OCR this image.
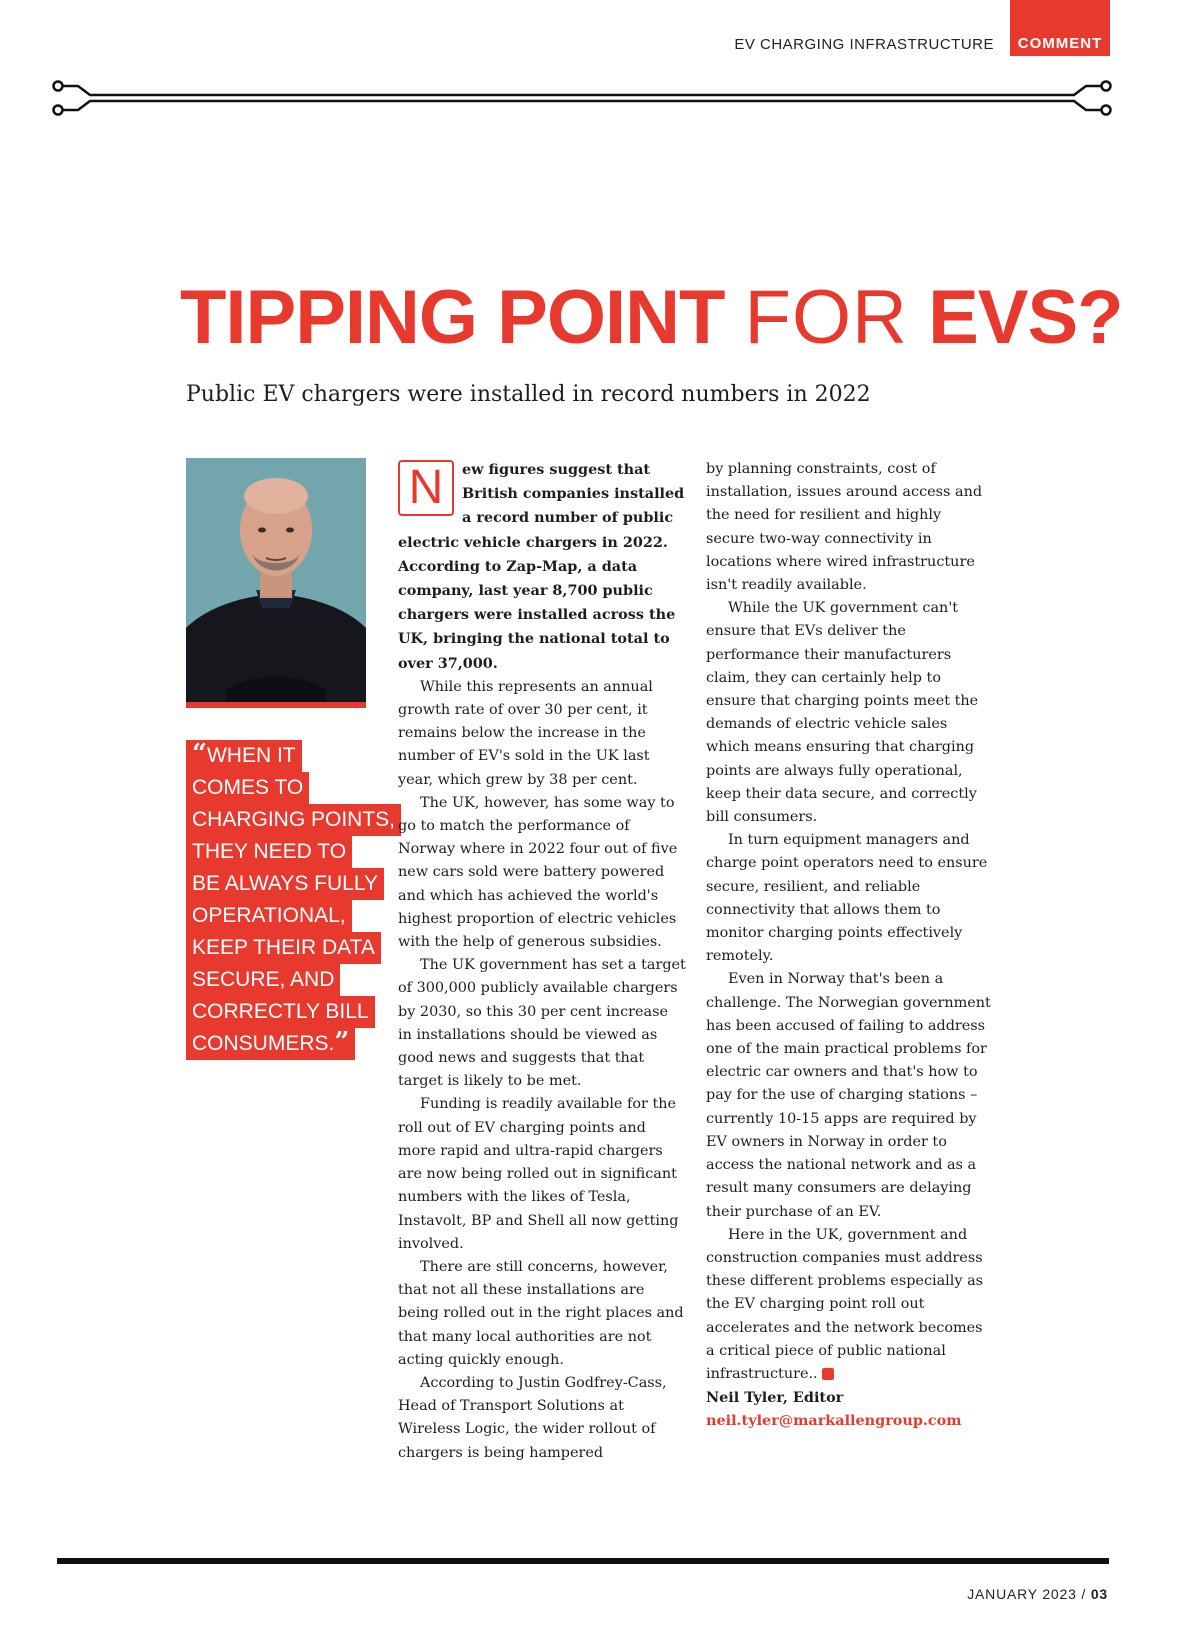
EV CHARGING INFRASTRUCTURE COMMENT
TIPPING POINT FOR EVS?
Public EV chargers were installed in record numbers in 2022
“WHEN IT
COMES TO
CHARGING POINTS,
THEY NEED TO
BE ALWAYS FULLY
OPERATIONAL,
KEEP THEIR DATA
SECURE, AND
CORRECTLY BILL
CONSUMERS.”

N	ew figures suggest that British companies installed a record number of public electric vehicle chargers in 2022. According to Zap-Map, a data company, last year 8,700 public chargers were installed across the UK, bringing the national total to over 37,000.

While this represents an annual growth rate of over 30 per cent, it remains below the increase in the number of EV's sold in the UK last year, which grew by 38 per cent.

The UK, however, has some way to go to match the performance of Norway where in 2022 four out of five new cars sold were battery powered and which has achieved the world's highest proportion of electric vehicles with the help of generous subsidies.

The UK government has set a target of 300,000 publicly available chargers by 2030, so this 30 per cent increase in installations should be viewed as good news and suggests that that target is likely to be met.

Funding is readily available for the roll out of EV charging points and more rapid and ultra-rapid chargers are now being rolled out in significant numbers with the likes of Tesla, Instavolt, BP and Shell all now getting involved.

There are still concerns, however, that not all these installations are being rolled out in the right places and that many local authorities are not acting quickly enough.

According to Justin Godfrey-Cass, Head of Transport Solutions at Wireless Logic, the wider rollout of chargers is being hampered

by planning constraints, cost of installation, issues around access and the need for resilient and highly secure two-way connectivity in locations where wired infrastructure isn't readily available.

While the UK government can't ensure that EVs deliver the performance their manufacturers claim, they can certainly help to ensure that charging points meet the demands of electric vehicle sales which means ensuring that charging points are always fully operational, keep their data secure, and correctly bill consumers.

In turn equipment managers and charge point operators need to ensure secure, resilient, and reliable connectivity that allows them to monitor charging points effectively remotely.

Even in Norway that's been a challenge. The Norwegian government has been accused of failing to address one of the main practical problems for electric car owners and that's how to pay for the use of charging stations – currently 10-15 apps are required by EV owners in Norway in order to access the national network and as a result many consumers are delaying their purchase of an EV.

Here in the UK, government and construction companies must address these different problems especially as the EV charging point roll out accelerates and the network becomes a critical piece of public national infrastructure..	NE

Neil Tyler, Editor

neil.tyler@markallengroup.com

JANUARY 2023 / 03
